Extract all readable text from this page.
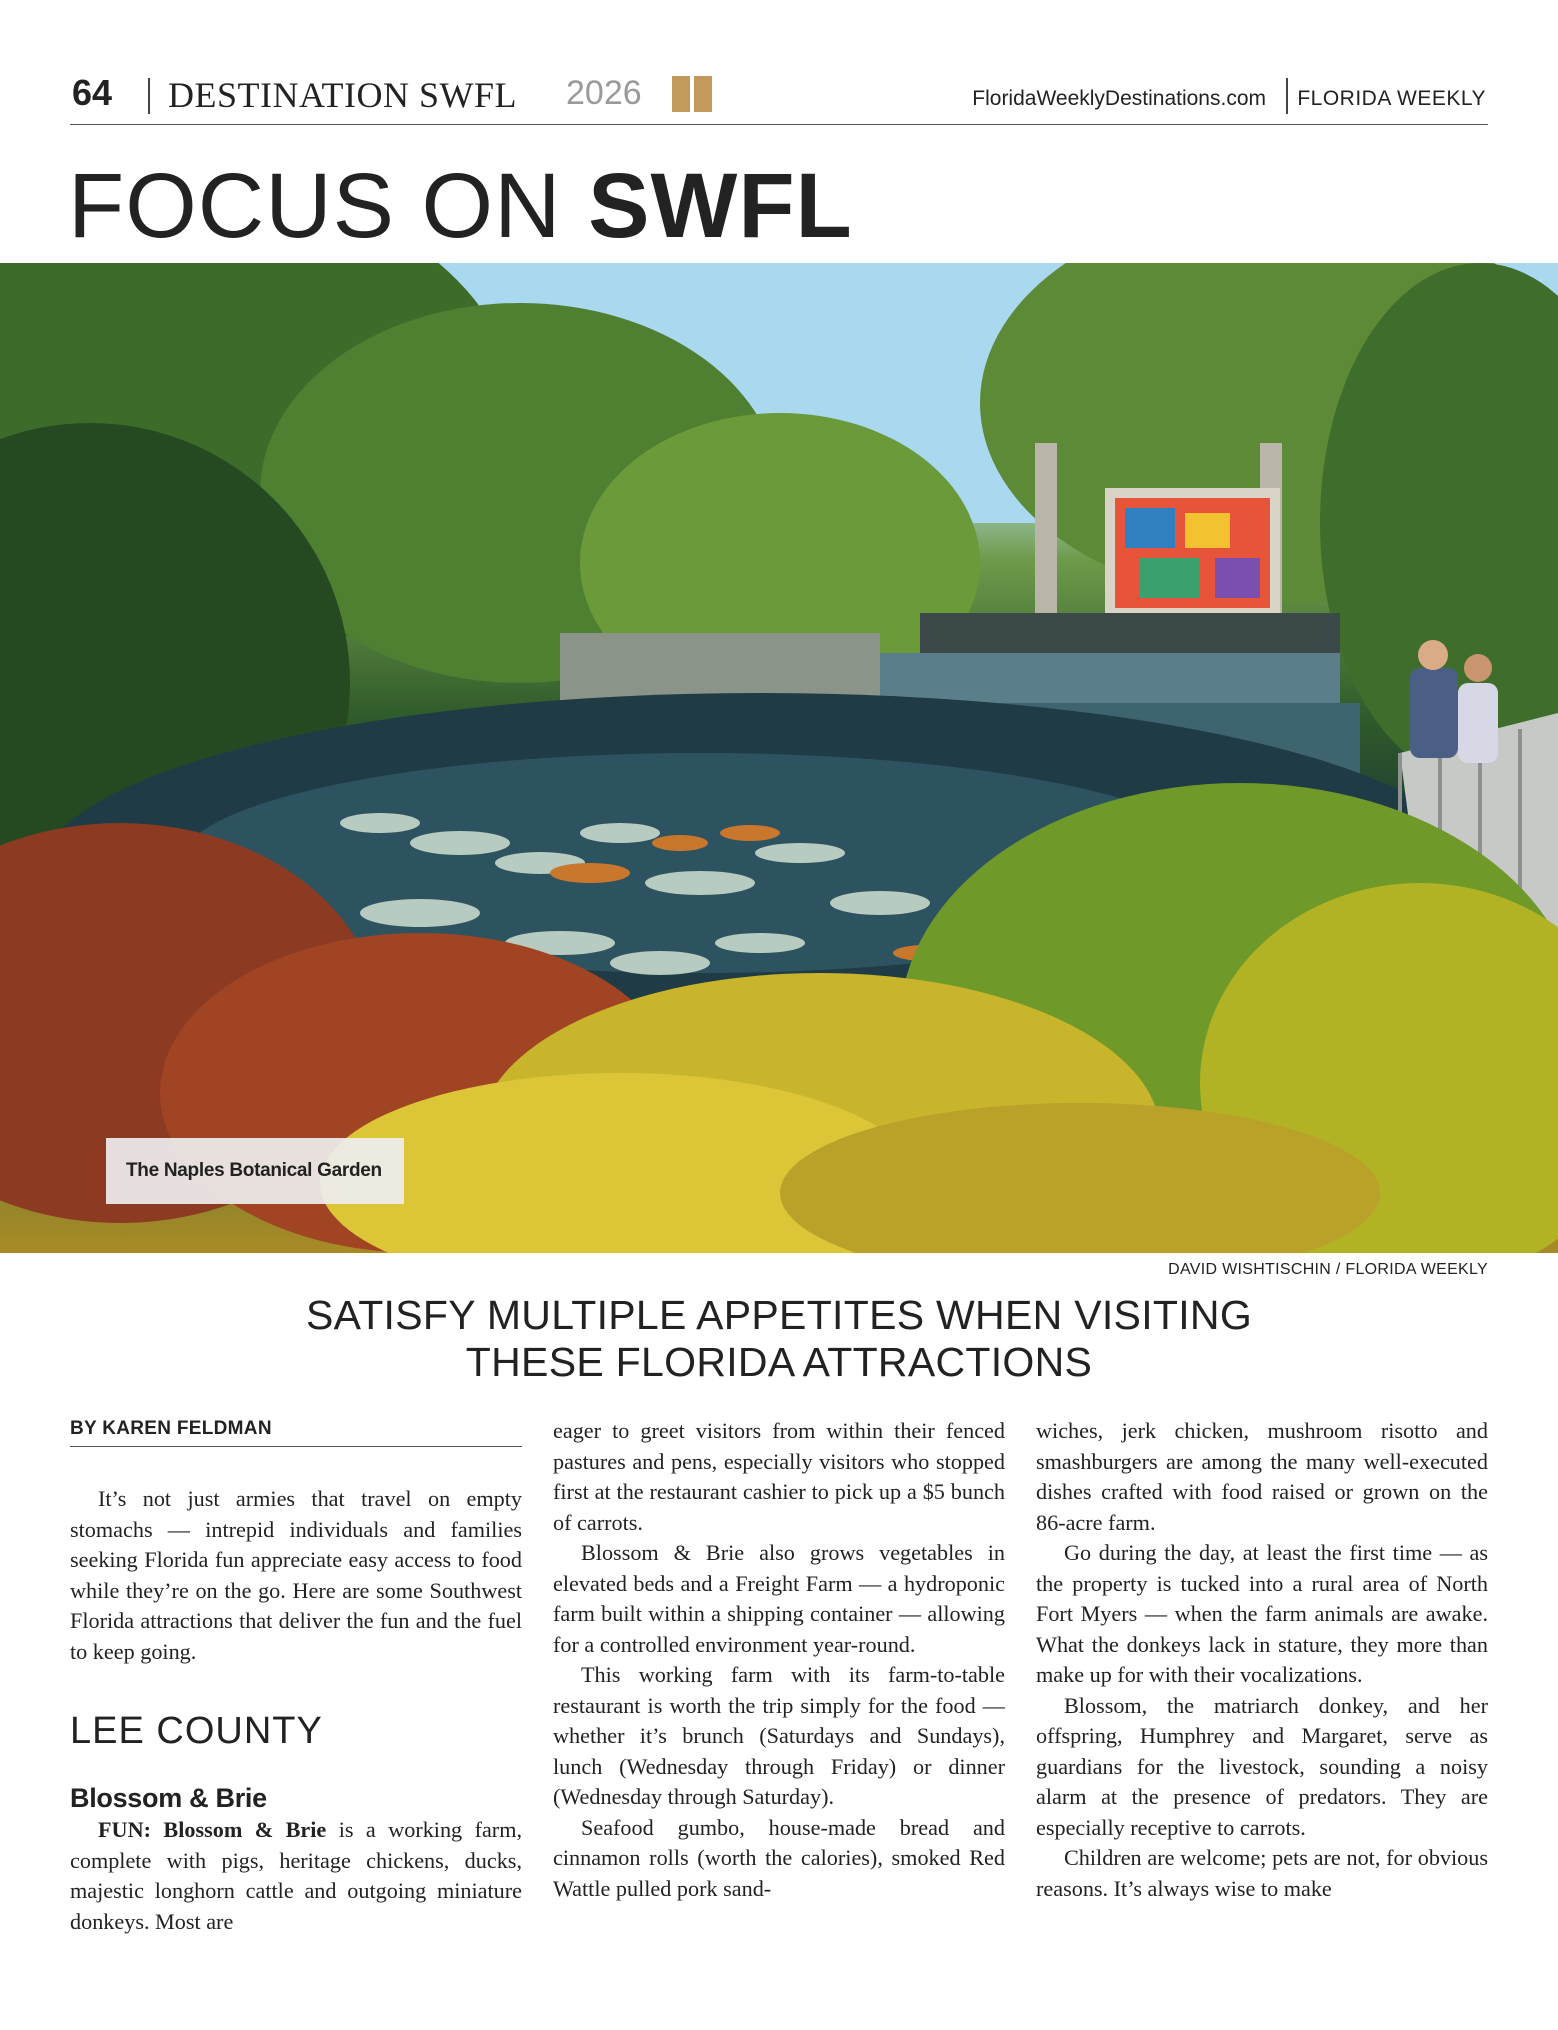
64 DESTINATION SWFL 2026	FloridaWeeklyDestinations.com FLORIDA WEEKLY
FOCUS ON SWFL
The Naples Botanical Garden
DAVID WISHTISCHIN / FLORIDA WEEKLY
SATISFY MULTIPLE APPETITES WHEN VISITING
THESE FLORIDA ATTRACTIONS
BY KAREN FELDMAN

It’s not just armies that travel on empty stomachs — intrepid individuals and families seeking Florida fun appreciate easy access to food while they’re on the go. Here are some Southwest Florida attractions that deliver the fun and the fuel to keep going.

LEE COUNTY
Blossom & Brie

FUN: Blossom & Brie is a working farm, complete with pigs, heritage chickens, ducks, majestic longhorn cattle and outgoing miniature donkeys. Most are

eager to greet visitors from within their fenced pastures and pens, especially visitors who stopped first at the restaurant cashier to pick up a $5 bunch of carrots.

Blossom & Brie also grows vegetables in elevated beds and a Freight Farm — a hydroponic farm built within a shipping container — allowing for a controlled environment year-round.

This working farm with its farm-to-table restaurant is worth the trip simply for the food — whether it’s brunch (Saturdays and Sundays), lunch (Wednesday through Friday) or dinner (Wednesday through Saturday).

Seafood gumbo, house-made bread and cinnamon rolls (worth the calories), smoked Red Wattle pulled pork sand-

wiches, jerk chicken, mushroom risotto and smashburgers are among the many well-executed dishes crafted with food raised or grown on the 86-acre farm.

Go during the day, at least the first time — as the property is tucked into a rural area of North Fort Myers — when the farm animals are awake. What the donkeys lack in stature, they more than make up for with their vocalizations.

Blossom, the matriarch donkey, and her offspring, Humphrey and Margaret, serve as guardians for the livestock, sounding a noisy alarm at the presence of predators. They are especially receptive to carrots.

Children are welcome; pets are not, for obvious reasons. It’s always wise to make
